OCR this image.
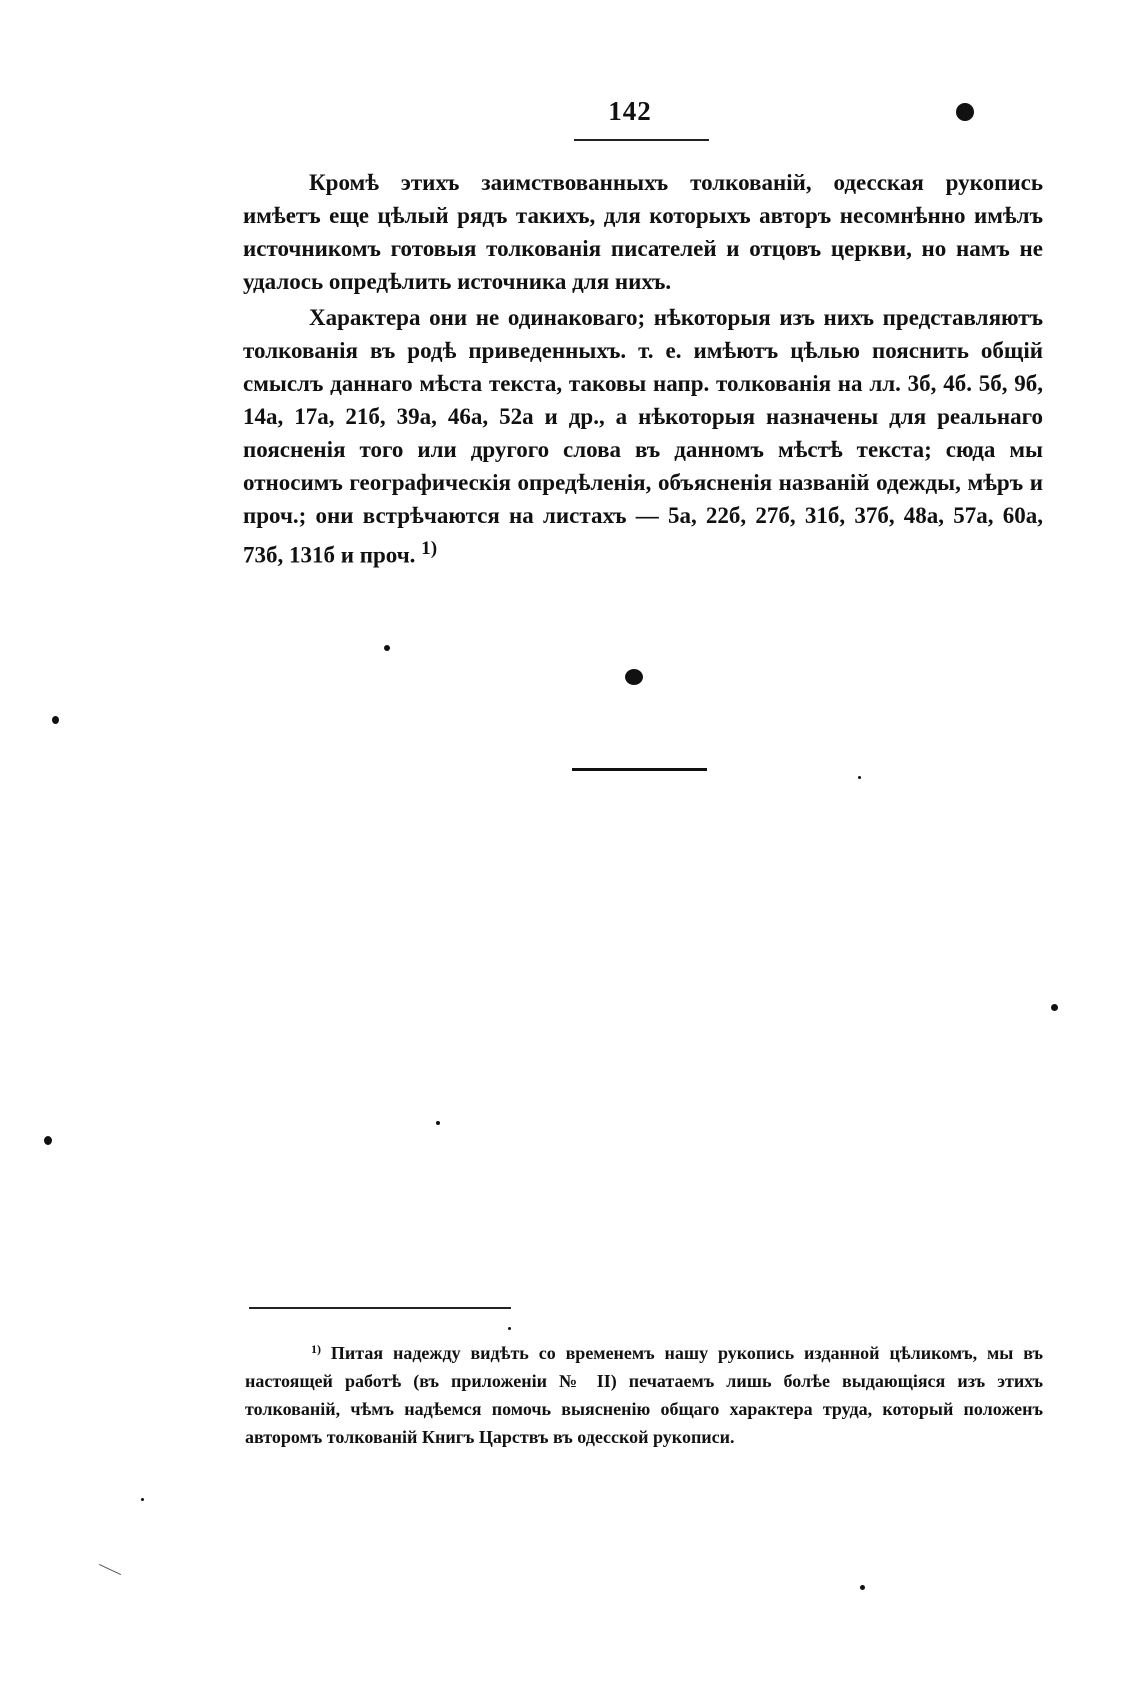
142

Кромѣ этихъ заимствованныхъ толкованій, одесская рукопись имѣетъ еще цѣлый рядъ такихъ, для которыхъ авторъ несомнѣнно имѣлъ источникомъ готовыя толкованія писателей и отцовъ церкви, но намъ не удалось опредѣлить источника для нихъ.

Характера они не одинаковаго; нѣкоторыя изъ нихъ представляютъ толкованія въ родѣ приведенныхъ. т. е. имѣютъ цѣлью пояснить общій смыслъ даннаго мѣста текста, таковы напр. толкованія на лл. 3б, 4б. 5б, 9б, 14а, 17а, 21б, 39а, 46а, 52а и др., а нѣкоторыя назначены для реальнаго поясненія того или другого слова въ данномъ мѣстѣ текста; сюда мы относимъ географическія опредѣленія, объясненія названій одежды, мѣръ и проч.; они встрѣчаются на листахъ — 5а, 22б, 27б, 31б, 37б, 48а, 57а, 60а, 73б, 131б и проч. $^{1)}$

$^{1)}$ Питая надежду видѣть со временемъ нашу рукопись изданной цѣликомъ, мы въ настоящей работѣ (въ приложеніи № II) печатаемъ лишь болѣе выдающіяся изъ этихъ толкованій, чѣмъ надѣемся помочь выясненію общаго характера труда, который положенъ авторомъ толкованій Книгъ Царствъ въ одесской рукописи.
